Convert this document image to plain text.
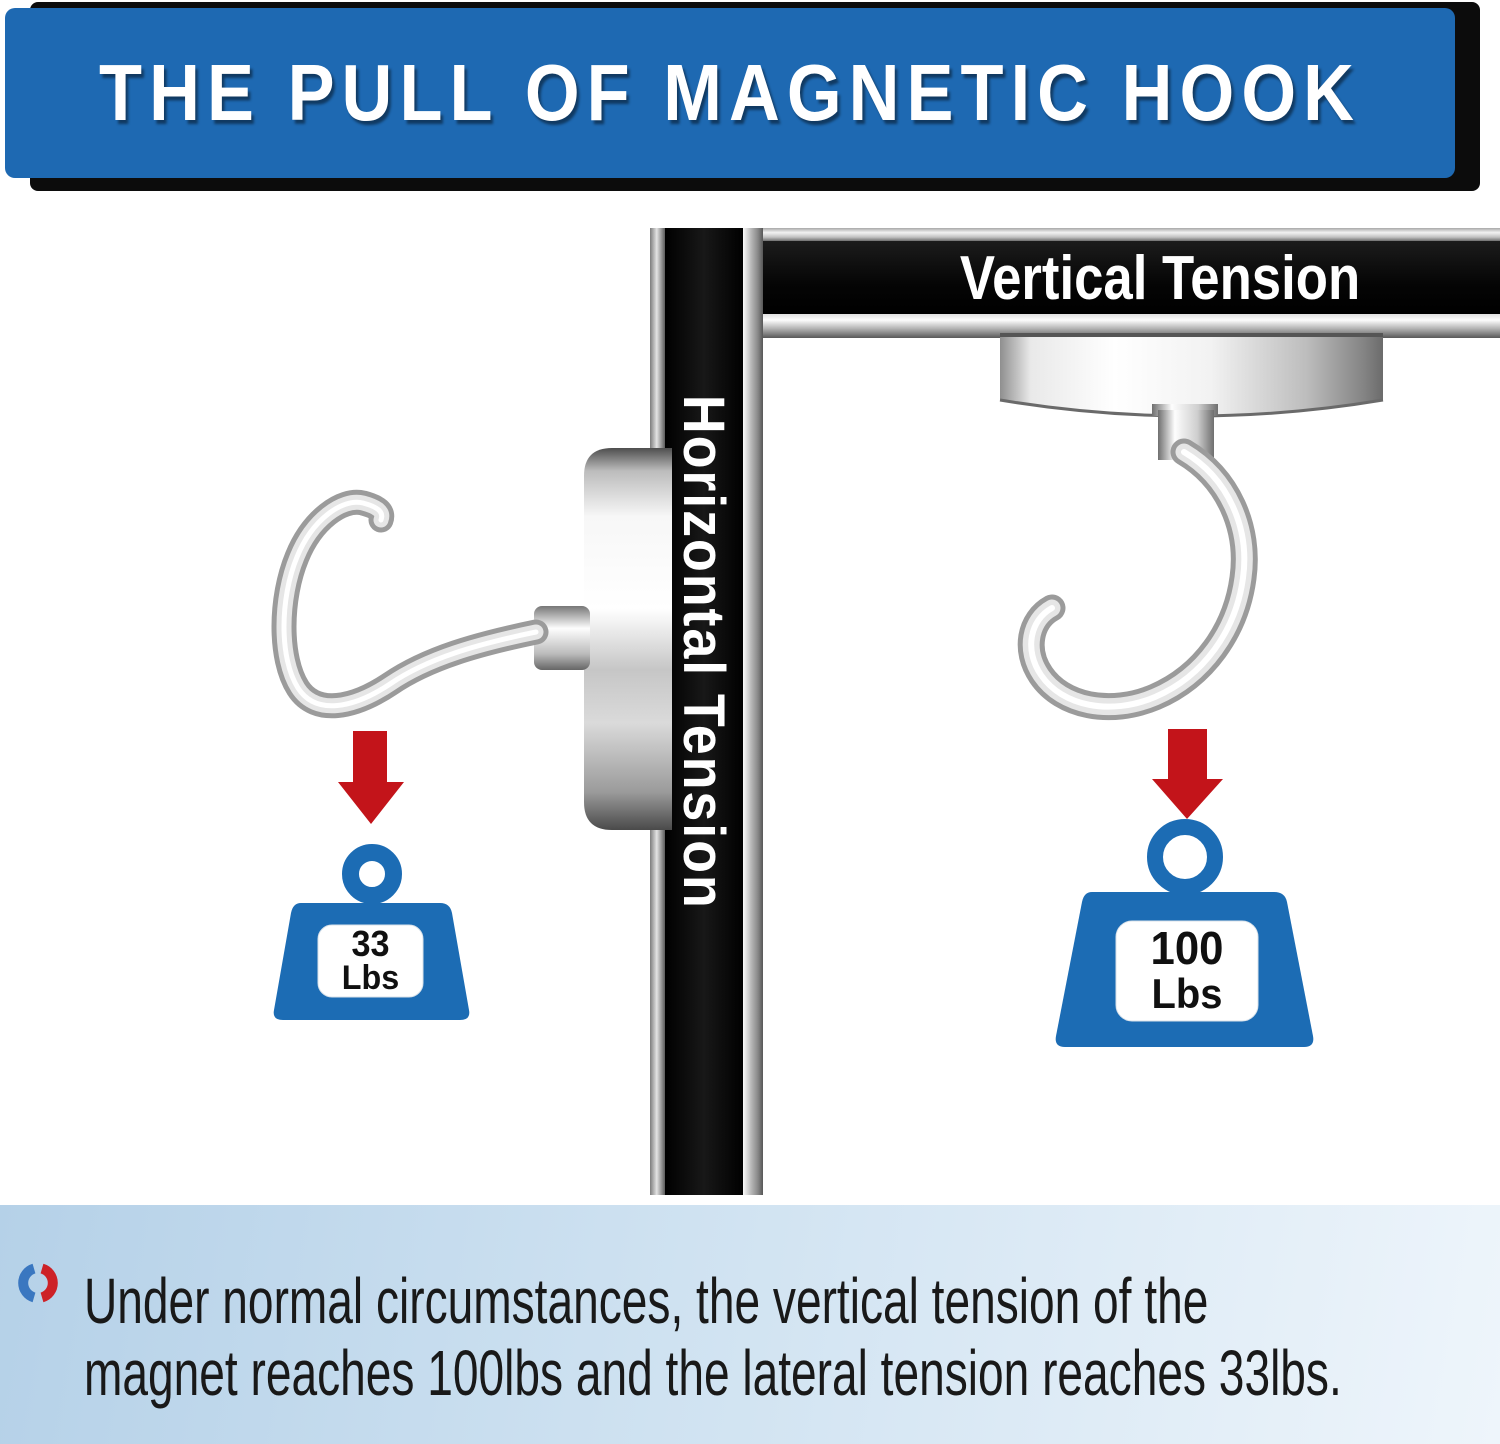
THE PULL OF MAGNETIC HOOK
Vertical Tension
Horizontal Tension
33
Lbs
100
Lbs
Under normal circumstances, the vertical tension of the
magnet reaches 100lbs and the lateral tension reaches 33lbs.
